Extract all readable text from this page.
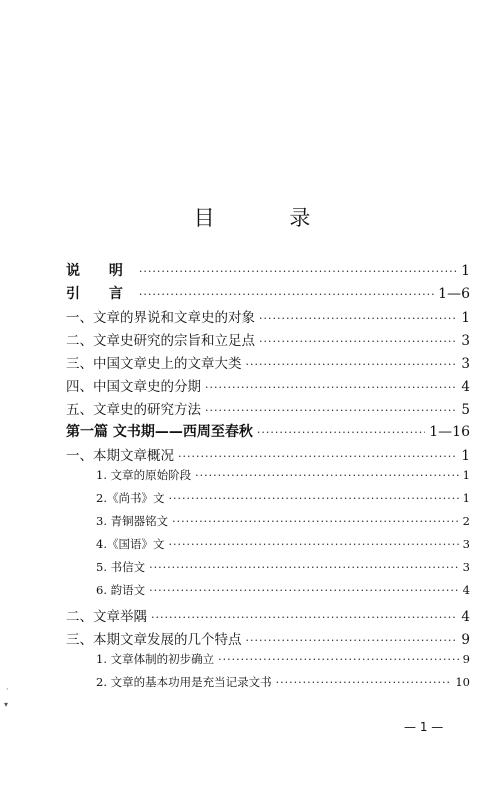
目 录
说 明 ·····	1
引 言 ·····	1—6
一、文章的界说和文章史的对象 ·····	1
二、文章史研究的宗旨和立足点 ·····	3
三、中国文章史上的文章大类 ·····	3
四、中国文章史的分期 ·····	4
五、文章史的研究方法 ·····	5
第一篇 文书期——西周至春秋 ·····	1—16
一、本期文章概况 ·····	1
1. 文章的原始阶段 ·····	1
2.《尚书》文 ·····	1
3. 青铜器铭文 ·····	2
4.《国语》文 ·····	3
5. 书信文 ·····	3
6. 韵语文 ·····	4
二、文章举隅 ·····	4
三、本期文章发展的几个特点 ·····	9
1. 文章体制的初步确立 ·····	9
2. 文章的基本功用是充当记录文书 ·····	10
— 1 —
·
▾
